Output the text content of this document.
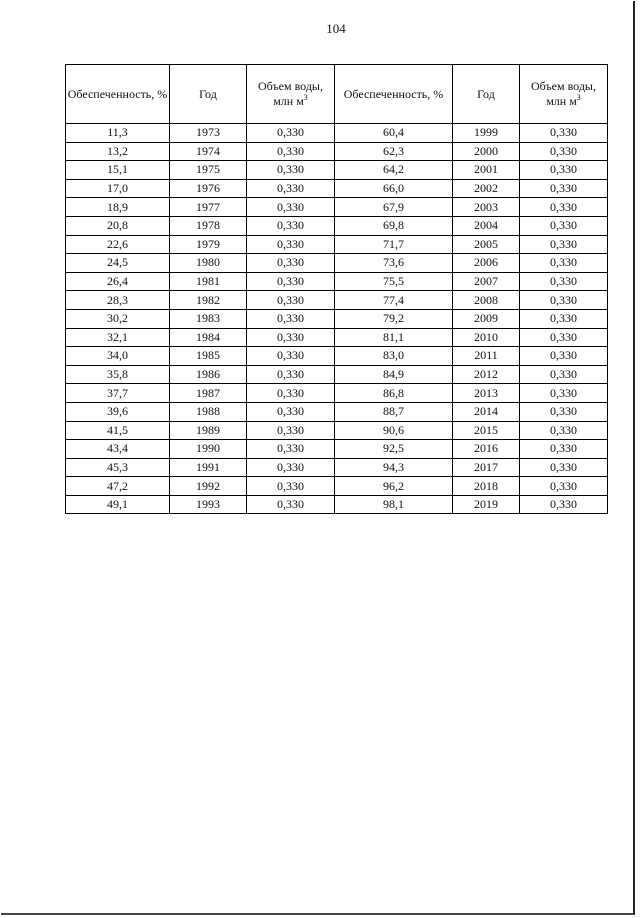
104
Обеспеченность, %	Год	Объем воды, млн $м^3$	Обеспеченность, %	Год	Объем воды, млн $м^3$
11,3	1973	0,330	60,4	1999	0,330
13,2	1974	0,330	62,3	2000	0,330
15,1	1975	0,330	64,2	2001	0,330
17,0	1976	0,330	66,0	2002	0,330
18,9	1977	0,330	67,9	2003	0,330
20,8	1978	0,330	69,8	2004	0,330
22,6	1979	0,330	71,7	2005	0,330
24,5	1980	0,330	73,6	2006	0,330
26,4	1981	0,330	75,5	2007	0,330
28,3	1982	0,330	77,4	2008	0,330
30,2	1983	0,330	79,2	2009	0,330
32,1	1984	0,330	81,1	2010	0,330
34,0	1985	0,330	83,0	2011	0,330
35,8	1986	0,330	84,9	2012	0,330
37,7	1987	0,330	86,8	2013	0,330
39,6	1988	0,330	88,7	2014	0,330
41,5	1989	0,330	90,6	2015	0,330
43,4	1990	0,330	92,5	2016	0,330
45,3	1991	0,330	94,3	2017	0,330
47,2	1992	0,330	96,2	2018	0,330
49,1	1993	0,330	98,1	2019	0,330
